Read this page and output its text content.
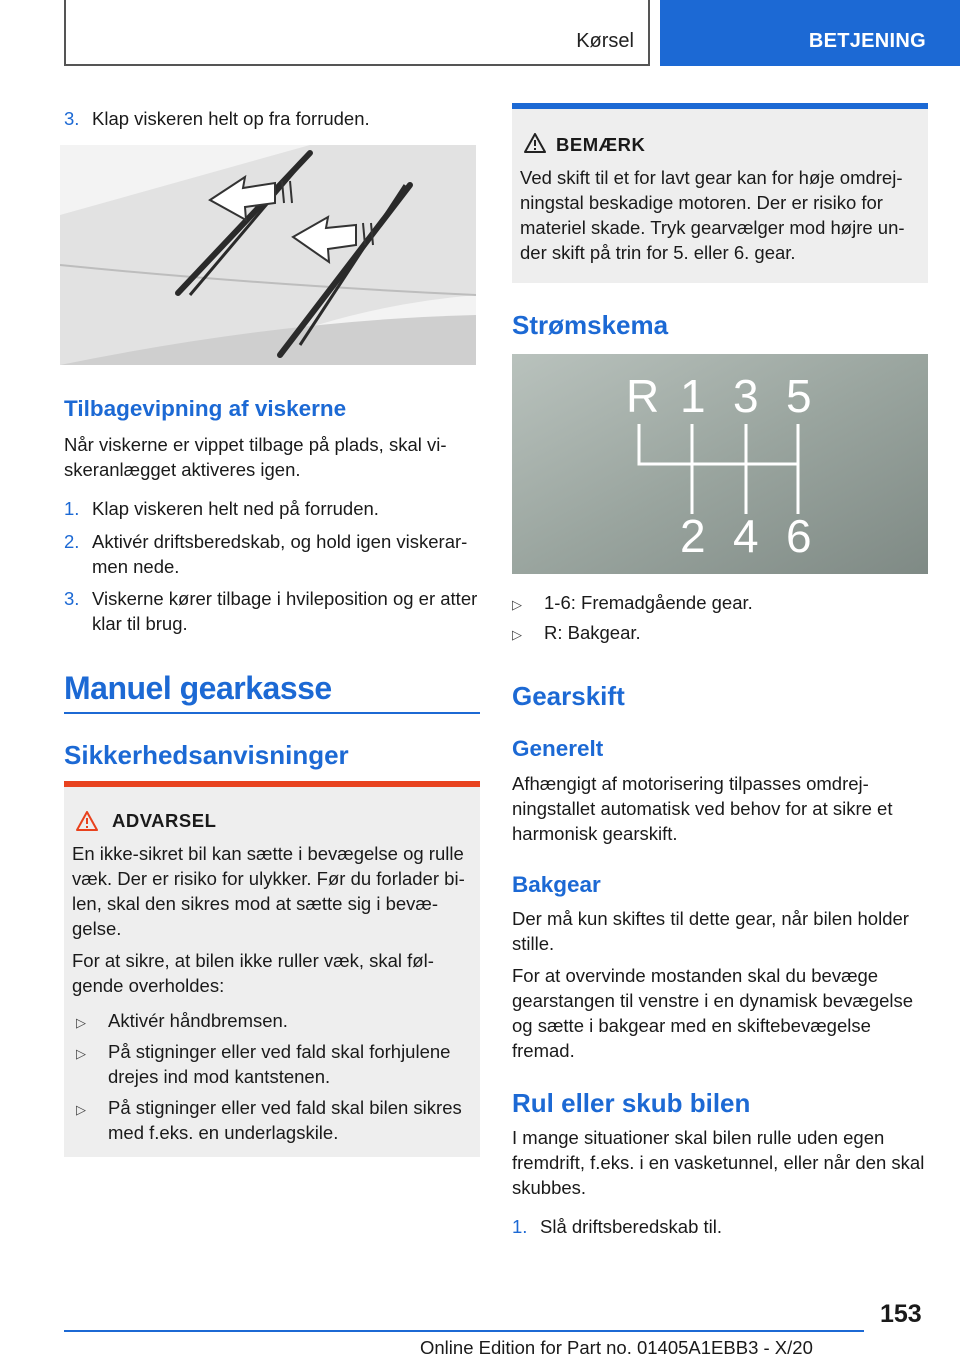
Kørsel	BETJENING
3. Klap viskeren helt op fra forruden.
Tilbagevipning af viskerne
Når viskerne er vippet tilbage på plads, skal viskeranlægget aktiveres igen.
1. Klap viskeren helt ned på forruden.
2. Aktivér driftsberedskab, og hold igen viskerarmen nede.
3. Viskerne kører tilbage i hvileposition og er atter klar til brug.
Manuel gearkasse
Sikkerhedsanvisninger
ADVARSEL
En ikke-sikret bil kan sætte i bevægelse og rulle væk. Der er risiko for ulykker. Før du forlader bilen, skal den sikres mod at sætte sig i bevægelse.
For at sikre, at bilen ikke ruller væk, skal følgende overholdes:
▷	Aktivér håndbremsen.
▷	På stigninger eller ved fald skal forhjulene drejes ind mod kantstenen.
▷	På stigninger eller ved fald skal bilen sikres med f.eks. en underlagskile.
BEMÆRK
Ved skift til et for lavt gear kan for høje omdrejningstal beskadige motoren. Der er risiko for materiel skade. Tryk gearvælger mod højre under skift på trin for 5. eller 6. gear.
Strømskema
R 1 3 5
2 4 6
▷	1-6: Fremadgående gear.
▷	R: Bakgear.
Gearskift
Generelt
Afhængigt af motorisering tilpasses omdrejningstallet automatisk ved behov for at sikre et harmonisk gearskift.
Bakgear
Der må kun skiftes til dette gear, når bilen holder stille.
For at overvinde mostanden skal du bevæge gearstangen til venstre i en dynamisk bevægelse og sætte i bakgear med en skiftebevægelse fremad.
Rul eller skub bilen
I mange situationer skal bilen rulle uden egen fremdrift, f.eks. i en vasketunnel, eller når den skal skubbes.
1. Slå driftsberedskab til.
153
Online Edition for Part no. 01405A1EBB3 - X/20
